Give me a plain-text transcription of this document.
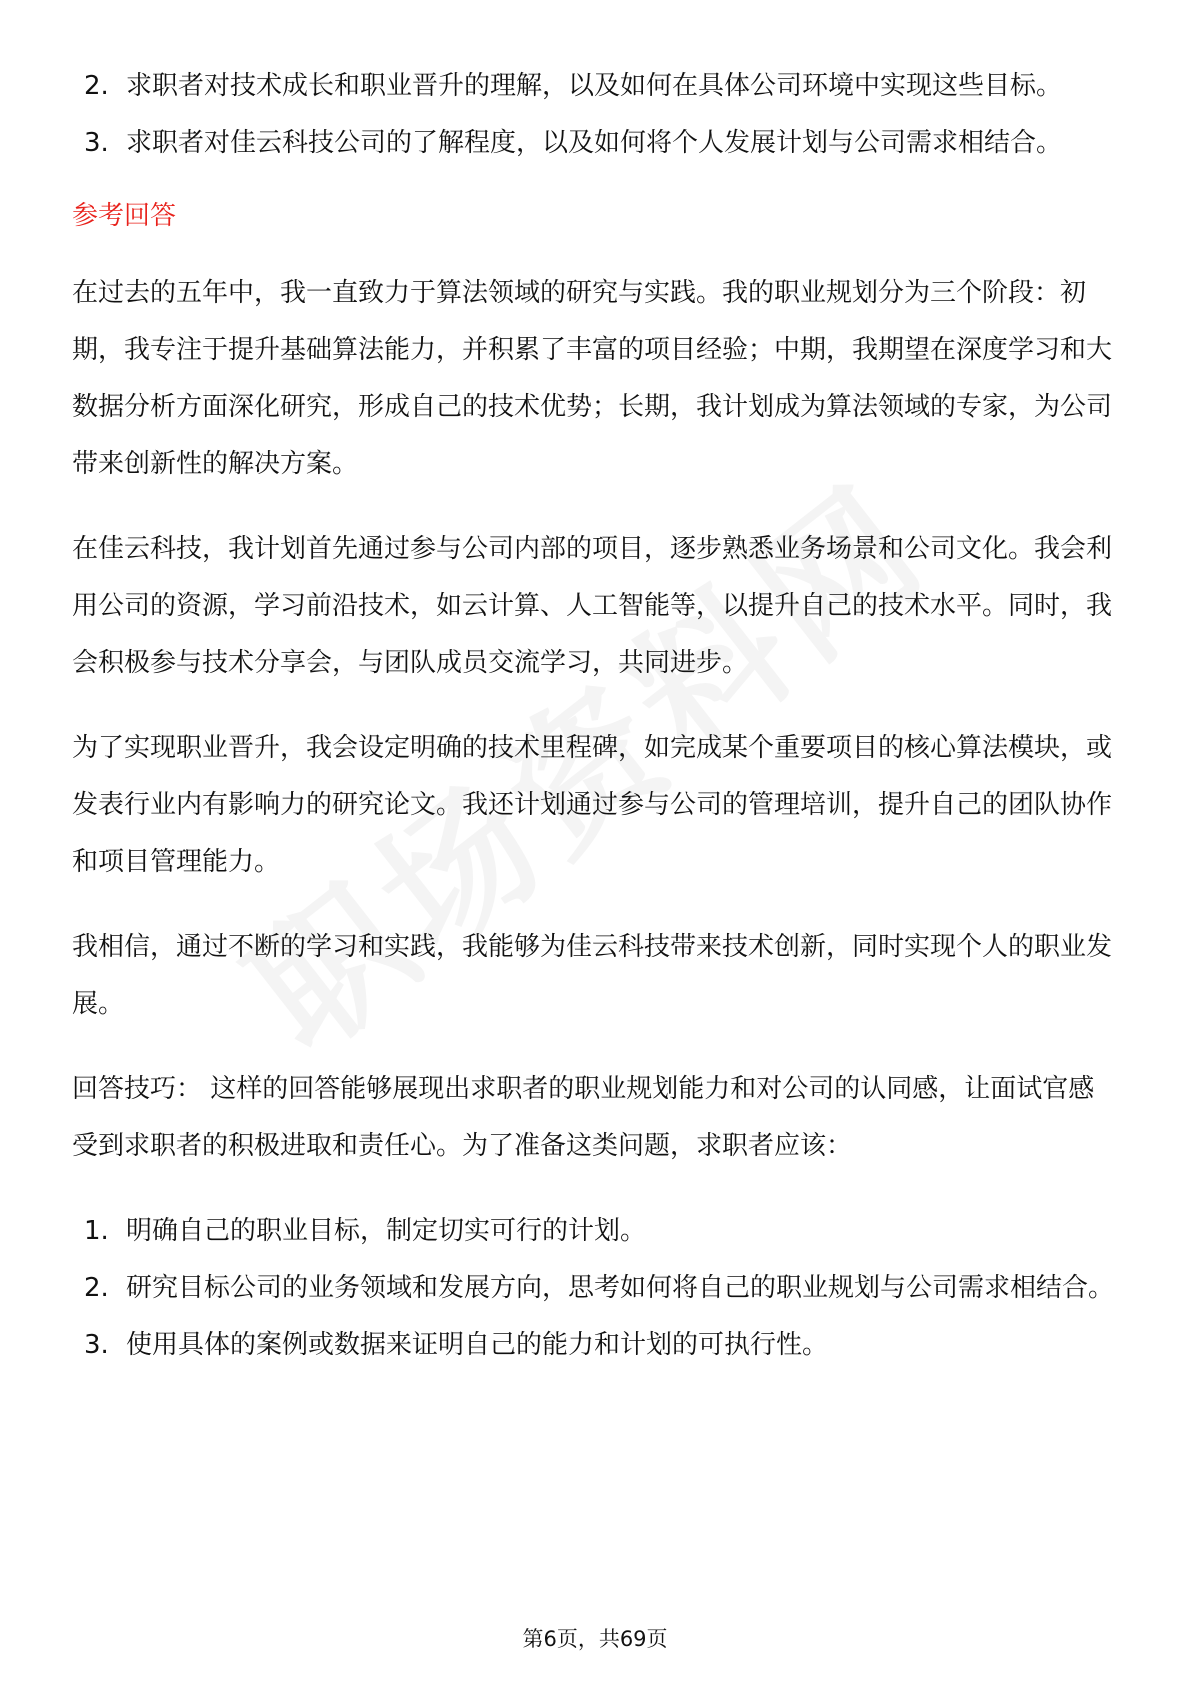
2. 求职者对技术成长和职业晋升的理解，以及如何在具体公司环境中实现这些目标。
3. 求职者对佳云科技公司的了解程度，以及如何将个人发展计划与公司需求相结合。
参考回答

在过去的五年中，我一直致力于算法领域的研究与实践。我的职业规划分为三个阶段：初期，我专注于提升基础算法能力，并积累了丰富的项目经验；中期，我期望在深度学习和大数据分析方面深化研究，形成自己的技术优势；长期，我计划成为算法领域的专家，为公司带来创新性的解决方案。

在佳云科技，我计划首先通过参与公司内部的项目，逐步熟悉业务场景和公司文化。我会利用公司的资源，学习前沿技术，如云计算、人工智能等，以提升自己的技术水平。同时，我会积极参与技术分享会，与团队成员交流学习，共同进步。

为了实现职业晋升，我会设定明确的技术里程碑，如完成某个重要项目的核心算法模块，或发表行业内有影响力的研究论文。我还计划通过参与公司的管理培训，提升自己的团队协作和项目管理能力。

我相信，通过不断的学习和实践，我能够为佳云科技带来技术创新，同时实现个人的职业发展。

回答技巧： 这样的回答能够展现出求职者的职业规划能力和对公司的认同感，让面试官感受到求职者的积极进取和责任心。为了准备这类问题，求职者应该：

1. 明确自己的职业目标，制定切实可行的计划。
2. 研究目标公司的业务领域和发展方向，思考如何将自己的职业规划与公司需求相结合。
3. 使用具体的案例或数据来证明自己的能力和计划的可执行性。
第6页，共69页
